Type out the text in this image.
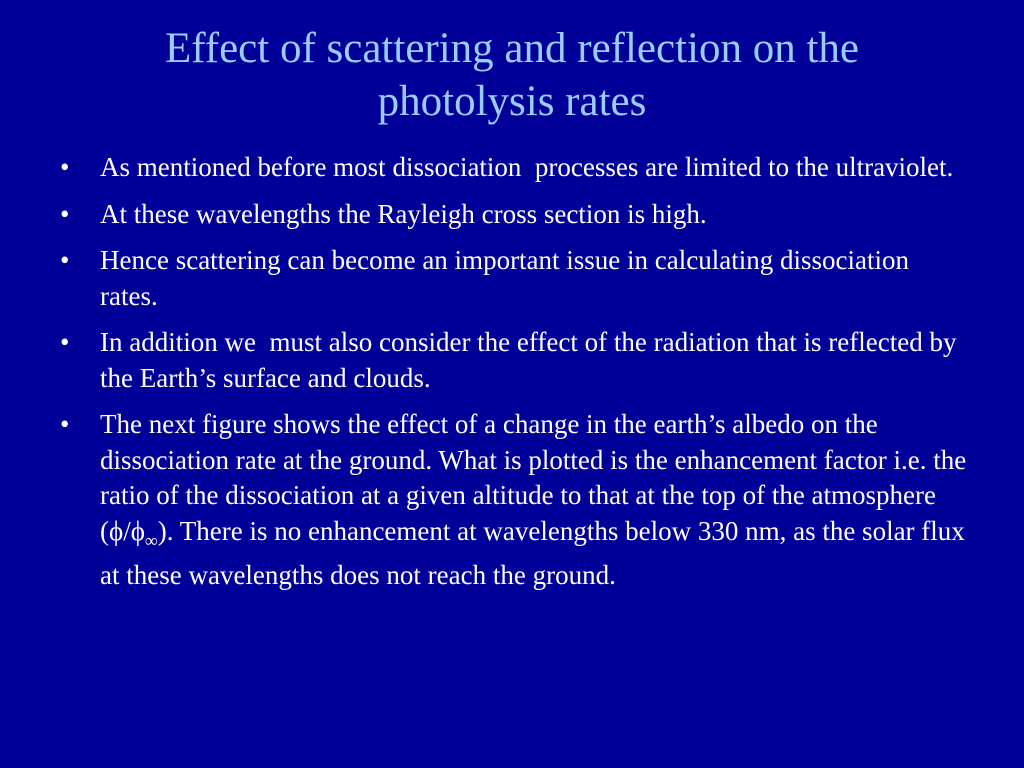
Effect of scattering and reflection on the
photolysis rates
•	As mentioned before most dissociation  processes are limited to the ultraviolet.
•	At these wavelengths the Rayleigh cross section is high.
•	Hence scattering can become an important issue in calculating dissociation  rates.
•	In addition we  must also consider the effect of the radiation that is reflected by the Earth’s surface and clouds.
•	The next figure shows the effect of a change in the earth’s albedo on the dissociation rate at the ground. What is plotted is the enhancement factor i.e. the ratio of the dissociation at a given altitude to that at the top of the atmosphere $(\phi/\phi_\infty)$. There is no enhancement at wavelengths below 330 nm, as the solar flux at these wavelengths does not reach the ground.
